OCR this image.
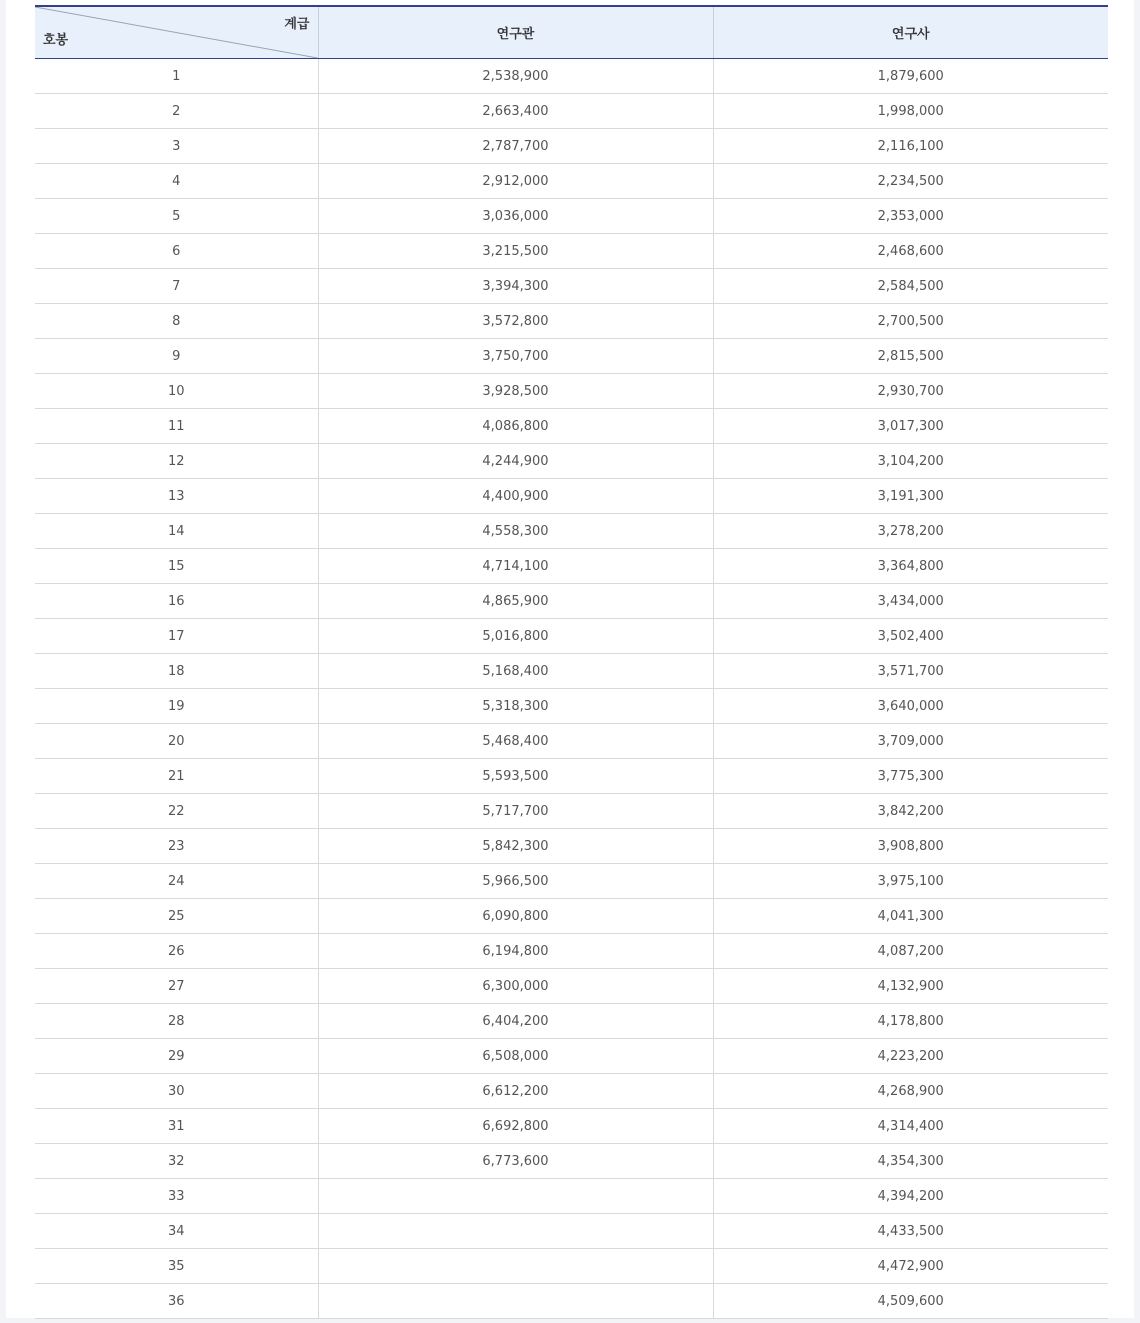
계급
호봉	연구관	연구사
1	2,538,900	1,879,600
2	2,663,400	1,998,000
3	2,787,700	2,116,100
4	2,912,000	2,234,500
5	3,036,000	2,353,000
6	3,215,500	2,468,600
7	3,394,300	2,584,500
8	3,572,800	2,700,500
9	3,750,700	2,815,500
10	3,928,500	2,930,700
11	4,086,800	3,017,300
12	4,244,900	3,104,200
13	4,400,900	3,191,300
14	4,558,300	3,278,200
15	4,714,100	3,364,800
16	4,865,900	3,434,000
17	5,016,800	3,502,400
18	5,168,400	3,571,700
19	5,318,300	3,640,000
20	5,468,400	3,709,000
21	5,593,500	3,775,300
22	5,717,700	3,842,200
23	5,842,300	3,908,800
24	5,966,500	3,975,100
25	6,090,800	4,041,300
26	6,194,800	4,087,200
27	6,300,000	4,132,900
28	6,404,200	4,178,800
29	6,508,000	4,223,200
30	6,612,200	4,268,900
31	6,692,800	4,314,400
32	6,773,600	4,354,300
33		4,394,200
34		4,433,500
35		4,472,900
36		4,509,600
